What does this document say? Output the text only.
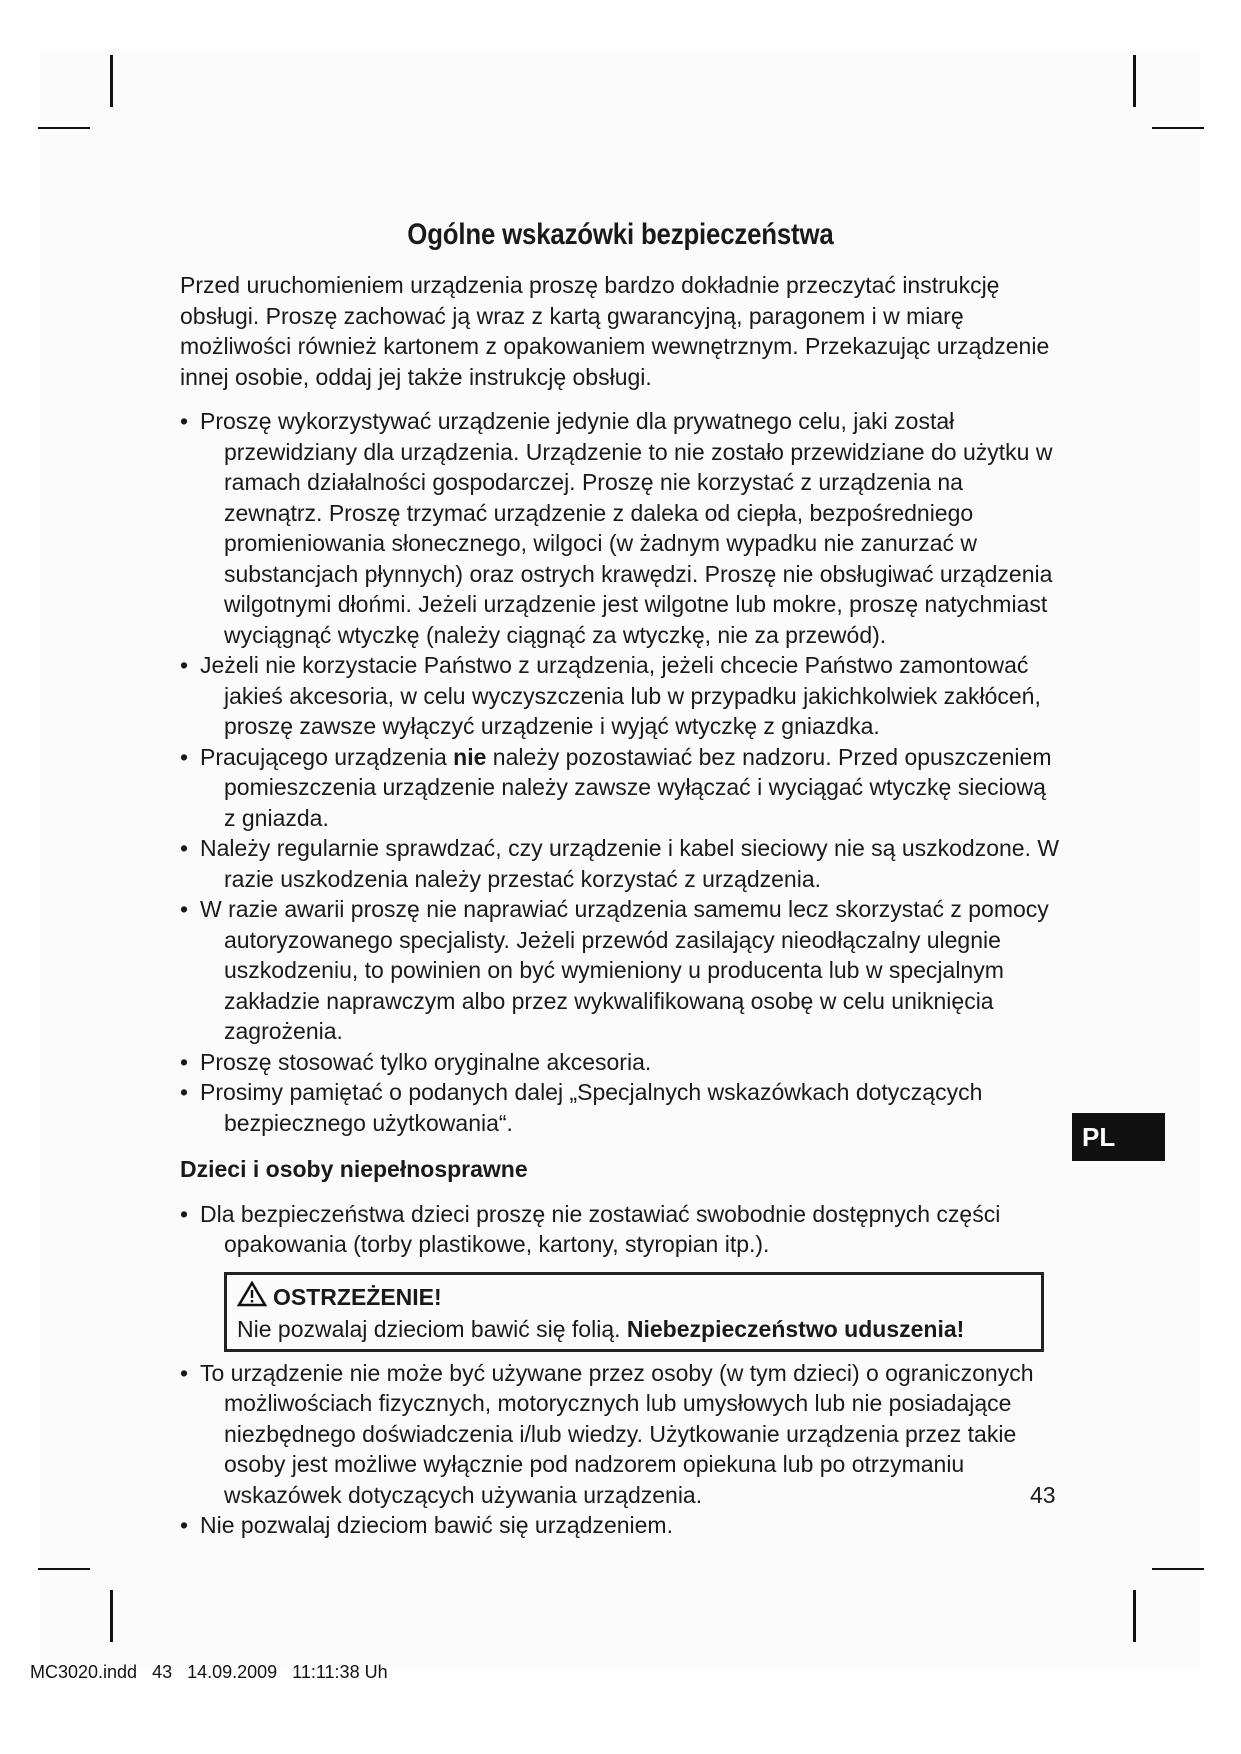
Ogólne wskazówki bezpieczeństwa

Przed uruchomieniem urządzenia proszę bardzo dokładnie przeczytać instrukcję obsługi. Proszę zachować ją wraz z kartą gwarancyjną, paragonem i w miarę możliwości również kartonem z opakowaniem wewnętrznym. Przekazując urządzenie innej osobie, oddaj jej także instrukcję obsługi.

• Proszę wykorzystywać urządzenie jedynie dla prywatnego celu, jaki został przewidziany dla urządzenia. Urządzenie to nie zostało przewidziane do użytku w ramach działalności gospodarczej. Proszę nie korzystać z urządzenia na zewnątrz. Proszę trzymać urządzenie z daleka od ciepła, bezpośredniego promieniowania słonecznego, wilgoci (w żadnym wypadku nie zanurzać w substancjach płynnych) oraz ostrych krawędzi. Proszę nie obsługiwać urządzenia wilgotnymi dłońmi. Jeżeli urządzenie jest wilgotne lub mokre, proszę natychmiast wyciągnąć wtyczkę (należy ciągnąć za wtyczkę, nie za przewód).
• Jeżeli nie korzystacie Państwo z urządzenia, jeżeli chcecie Państwo zamontować jakieś akcesoria, w celu wyczyszczenia lub w przypadku jakichkolwiek zakłóceń, proszę zawsze wyłączyć urządzenie i wyjąć wtyczkę z gniazdka.
• Pracującego urządzenia nie należy pozostawiać bez nadzoru. Przed opuszczeniem pomieszczenia urządzenie należy zawsze wyłączać i wyciągać wtyczkę sieciową z gniazda.
• Należy regularnie sprawdzać, czy urządzenie i kabel sieciowy nie są uszkodzone. W razie uszkodzenia należy przestać korzystać z urządzenia.
• W razie awarii proszę nie naprawiać urządzenia samemu lecz skorzystać z pomocy autoryzowanego specjalisty. Jeżeli przewód zasilający nieodłączalny ulegnie uszkodzeniu, to powinien on być wymieniony u producenta lub w specjalnym zakładzie naprawczym albo przez wykwalifikowaną osobę w celu uniknięcia zagrożenia.
• Proszę stosować tylko oryginalne akcesoria.
• Prosimy pamiętać o podanych dalej „Specjalnych wskazówkach dotyczących bezpiecznego użytkowania“.
Dzieci i osoby niepełnosprawne
• Dla bezpieczeństwa dzieci proszę nie zostawiać swobodnie dostępnych części opakowania (torby plastikowe, kartony, styropian itp.).
OSTRZEŻENIE!
Nie pozwalaj dzieciom bawić się folią. Niebezpieczeństwo uduszenia!
• To urządzenie nie może być używane przez osoby (w tym dzieci) o ograniczonych możliwościach fizycznych, motorycznych lub umysłowych lub nie posiadające niezbędnego doświadczenia i/lub wiedzy. Użytkowanie urządzenia przez takie osoby jest możliwe wyłącznie pod nadzorem opiekuna lub po otrzymaniu wskazówek dotyczących używania urządzenia.
• Nie pozwalaj dzieciom bawić się urządzeniem.
PL
43
MC3020.indd   43   14.09.2009   11:11:38 Uh
